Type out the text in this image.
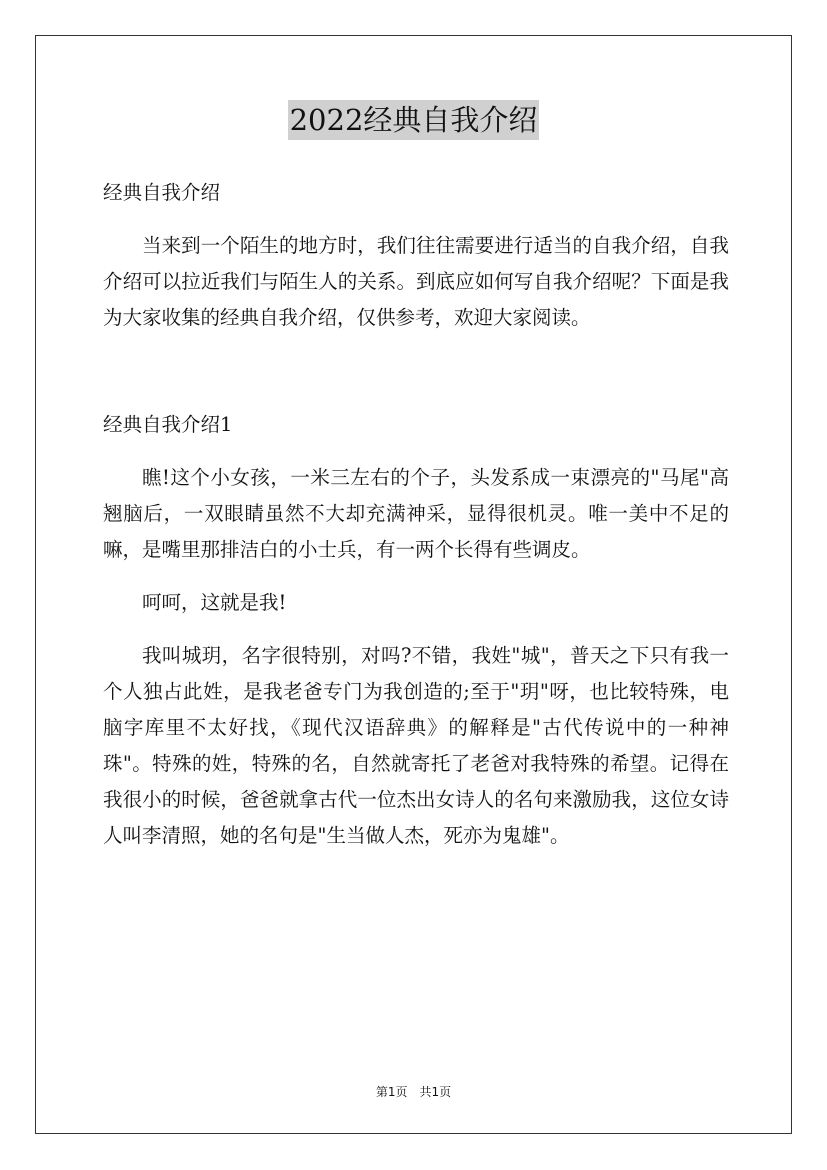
2022经典自我介绍

经典自我介绍

当来到一个陌生的地方时，我们往往需要进行适当的自我介绍，自我介绍可以拉近我们与陌生人的关系。到底应如何写自我介绍呢？下面是我为大家收集的经典自我介绍，仅供参考，欢迎大家阅读。

经典自我介绍1

瞧!这个小女孩，一米三左右的个子，头发系成一束漂亮的"马尾"高翘脑后，一双眼睛虽然不大却充满神采，显得很机灵。唯一美中不足的嘛，是嘴里那排洁白的小士兵，有一两个长得有些调皮。

呵呵，这就是我!

我叫城玥，名字很特别，对吗?不错，我姓"城"，普天之下只有我一个人独占此姓，是我老爸专门为我创造的;至于"玥"呀，也比较特殊，电脑字库里不太好找，《现代汉语辞典》的解释是"古代传说中的一种神珠"。特殊的姓，特殊的名，自然就寄托了老爸对我特殊的希望。记得在我很小的时候，爸爸就拿古代一位杰出女诗人的名句来激励我，这位女诗人叫李清照，她的名句是"生当做人杰，死亦为鬼雄"。

第1页　共1页
